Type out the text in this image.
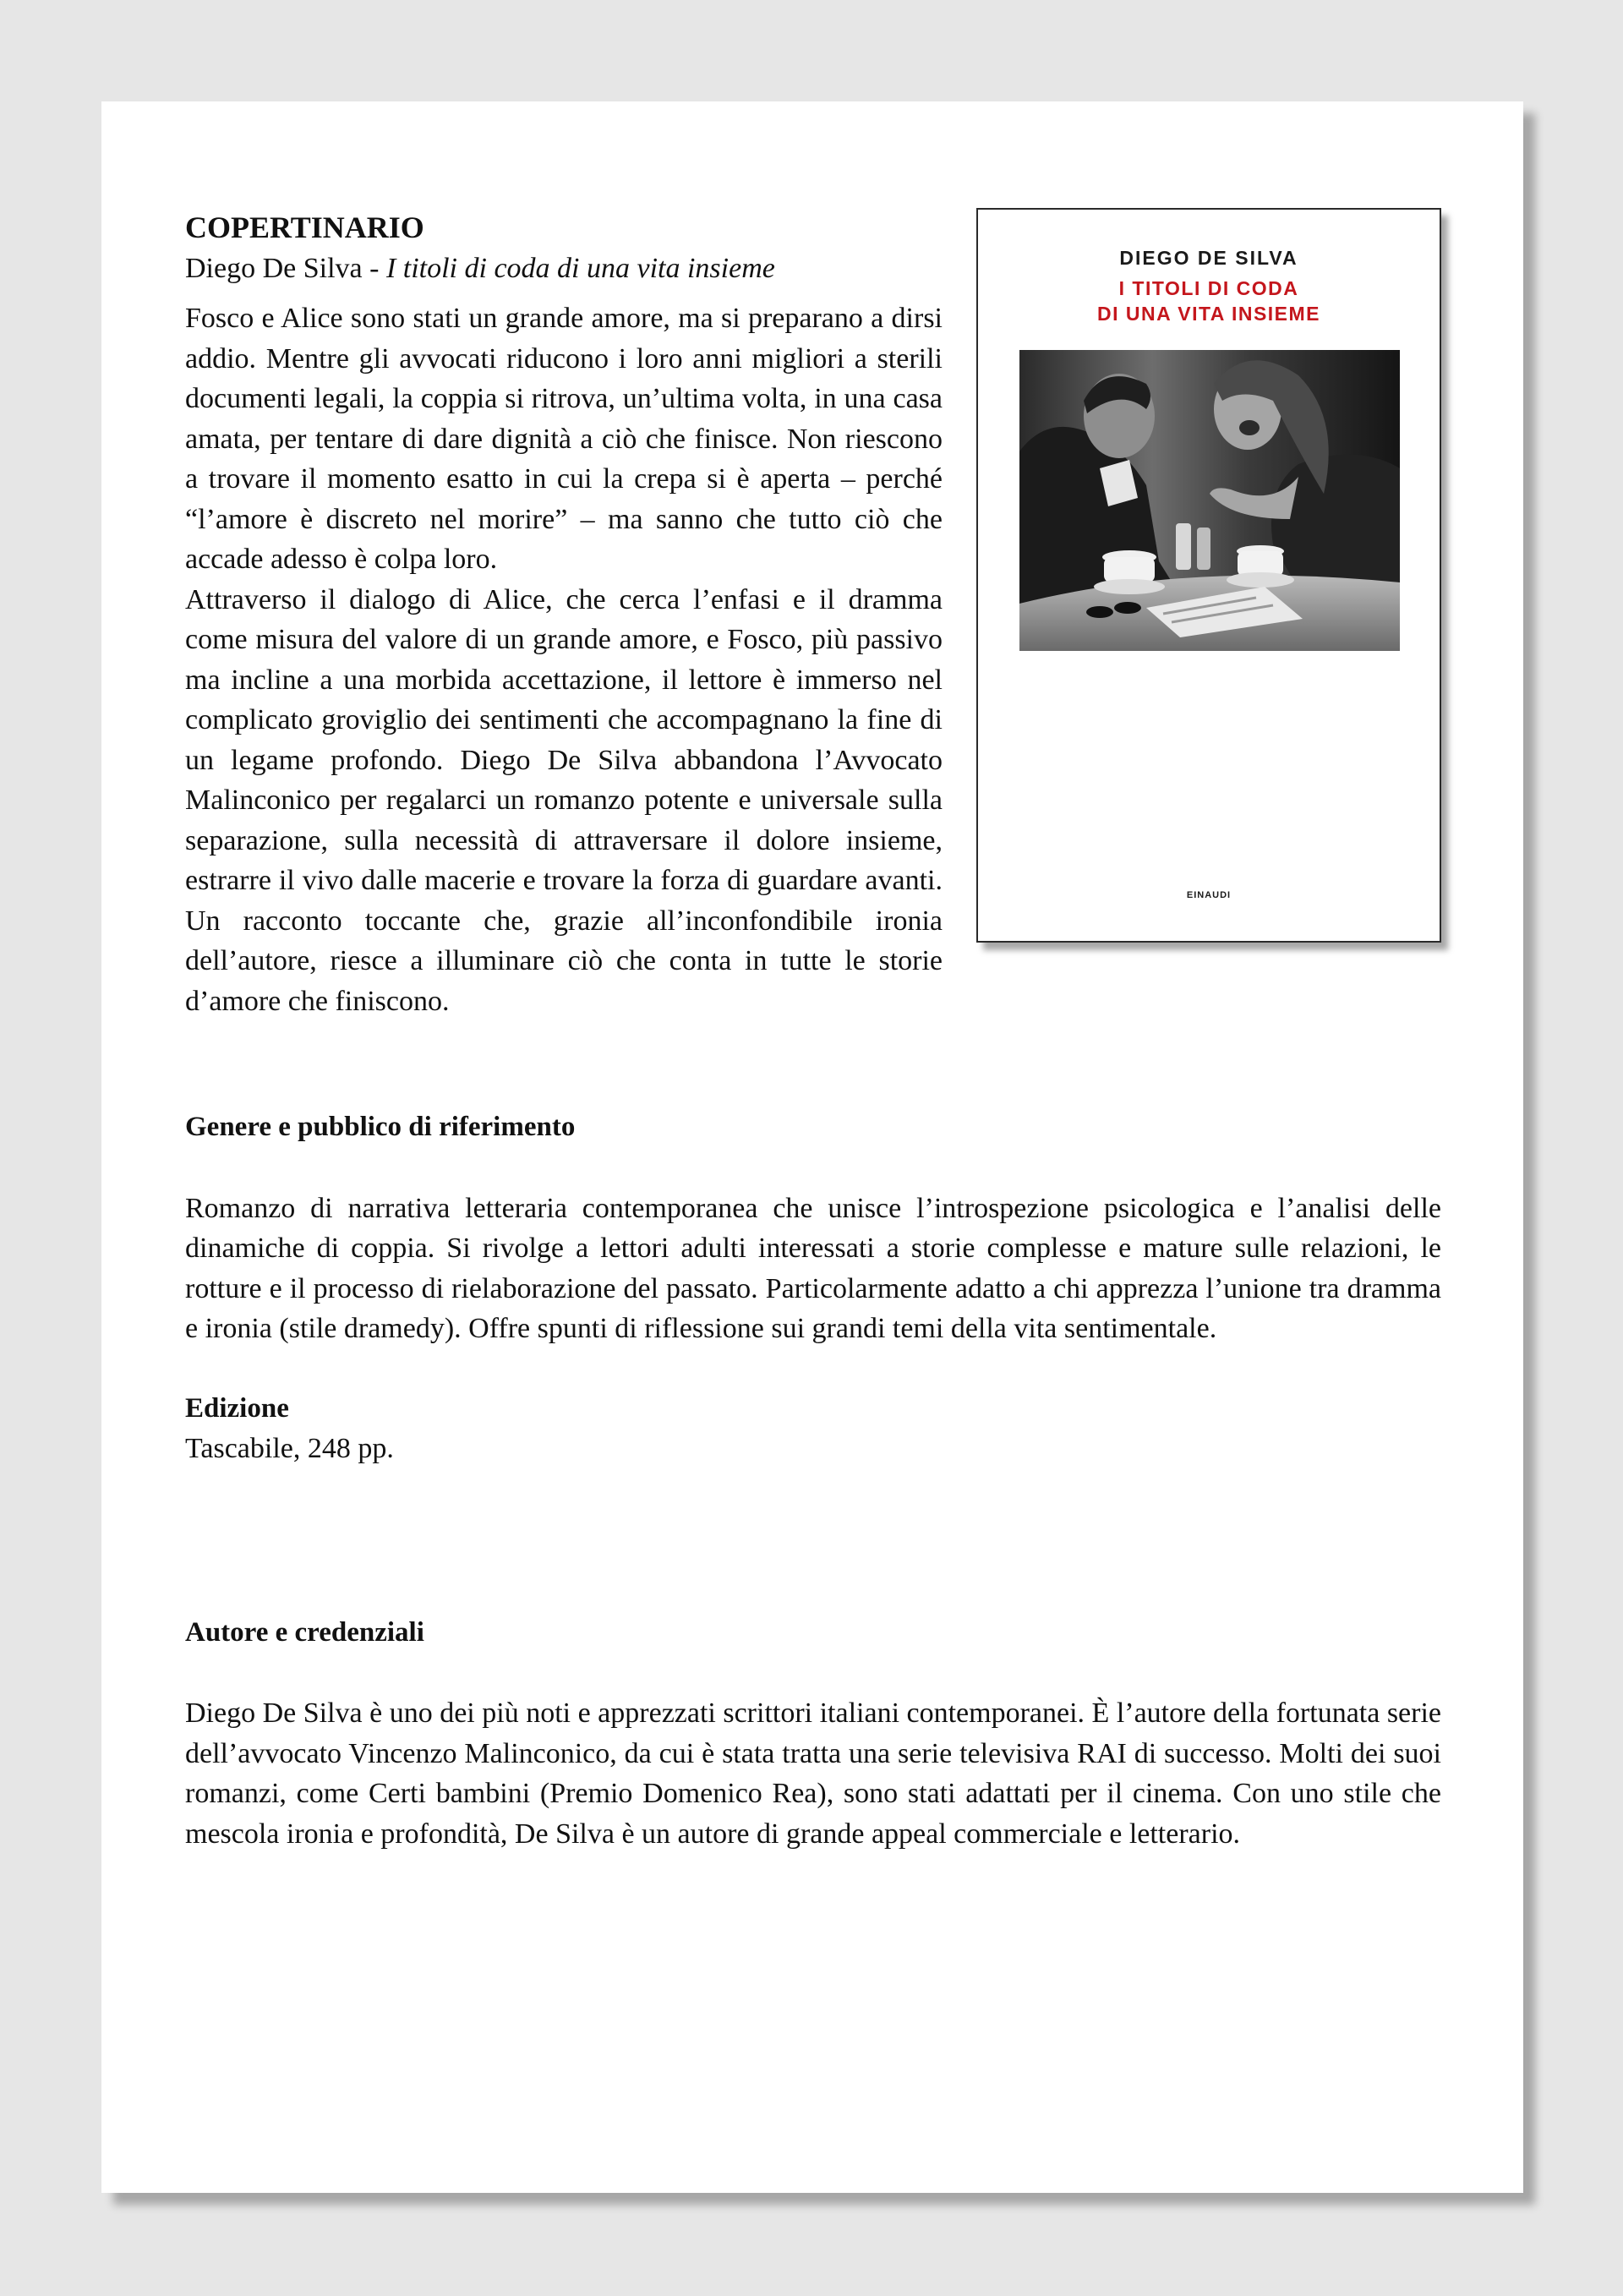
DIEGO DE SILVA
I TITOLI DI CODA
DI UNA VITA INSIEME
EINAUDI
COPERTINARIO
Diego De Silva - I titoli di coda di una vita insieme

Fosco e Alice sono stati un grande amore, ma si preparano a dirsi addio. Mentre gli avvocati riducono i loro anni migliori a sterili documenti legali, la coppia si ritrova, un’ultima volta, in una casa amata, per tentare di dare dignità a ciò che finisce. Non riescono a trovare il momento esatto in cui la crepa si è aperta – perché “l’amore è discreto nel morire” – ma sanno che tutto ciò che accade adesso è colpa loro.

Attraverso il dialogo di Alice, che cerca l’enfasi e il dramma come misura del valore di un grande amore, e Fosco, più passivo ma incline a una morbida accettazione, il lettore è immerso nel complicato groviglio dei sentimenti che accompagnano la fine di un legame profondo. Diego De Silva abbandona l’Avvocato Malinconico per regalarci un romanzo potente e universale sulla separazione, sulla necessità di attraversare il dolore insieme, estrarre il vivo dalle macerie e trovare la forza di guardare avanti. Un racconto toccante che, grazie all’inconfondibile ironia dell’autore, riesce a illuminare ciò che conta in tutte le storie d’amore che finiscono.

Genere e pubblico di riferimento

Romanzo di narrativa letteraria contemporanea che unisce l’introspezione psicologica e l’analisi delle dinamiche di coppia. Si rivolge a lettori adulti interessati a storie complesse e mature sulle relazioni, le rotture e il processo di rielaborazione del passato. Particolarmente adatto a chi apprezza l’unione tra dramma e ironia (stile dramedy). Offre spunti di riflessione sui grandi temi della vita sentimentale.

Edizione

Tascabile, 248 pp.

Autore e credenziali

Diego De Silva è uno dei più noti e apprezzati scrittori italiani contemporanei. È l’autore della fortunata serie dell’avvocato Vincenzo Malinconico, da cui è stata tratta una serie televisiva RAI di successo. Molti dei suoi romanzi, come Certi bambini (Premio Domenico Rea), sono stati adattati per il cinema. Con uno stile che mescola ironia e profondità, De Silva è un autore di grande appeal commerciale e letterario.
